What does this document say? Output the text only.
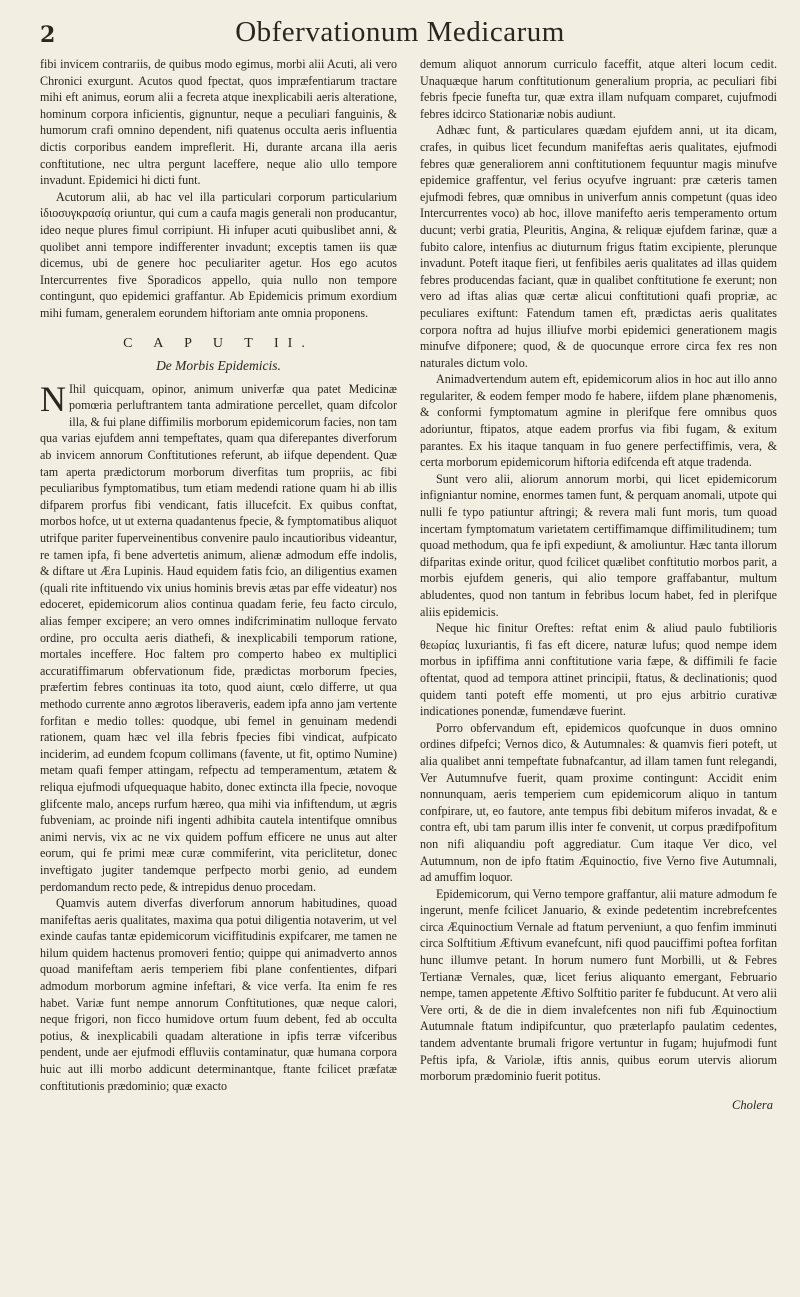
2	Obfervationum Medicarum

fibi invicem contrariis, de quibus modo egimus, morbi alii Acuti, ali vero Chronici exurgunt. Acutos quod fpectat, quos impræfentiarum tractare mihi eft animus, eorum alii a fecreta atque inexplicabili aeris alteratione, hominum corpora inficientis, gignuntur, neque a peculiari fanguinis, & humorum crafi omnino dependent, nifi quatenus occulta aeris influentia dictis corporibus eandem impreflerit. Hi, durante arcana illa aeris conftitutione, nec ultra pergunt laceffere, neque alio ullo tempore invadunt. Epidemici hi dicti funt.

Acutorum alii, ab hac vel illa particulari corporum particularium ἰδιοσυγκρασίᾳ oriuntur, qui cum a caufa magis generali non producantur, ideo neque plures fimul corripiunt. Hi infuper acuti quibuslibet anni, & quolibet anni tempore indifferenter invadunt; exceptis tamen iis quæ dicemus, ubi de genere hoc peculiariter agetur. Hos ego acutos Intercurrentes five Sporadicos appello, quia nullo non tempore contingunt, quo epidemici graffantur. Ab Epidemicis primum exordium mihi fumam, generalem eorundem hiftoriam ante omnia proponens.

C A P U T II.
De Morbis Epidemicis.

N Ihil quicquam, opinor, animum univerfæ qua patet Medicinæ pomœria perluftrantem tanta admiratione percellet, quam difcolor illa, & fui plane diffimilis morborum epidemicorum facies, non tam qua varias ejufdem anni tempeftates, quam qua diferepantes diverforum ab invicem annorum Conftitutiones referunt, ab iifque dependent. Quæ tam aperta prædictorum morborum diverfitas tum propriis, ac fibi peculiaribus fymptomatibus, tum etiam medendi ratione quam hi ab illis difparem prorfus fibi vendicant, fatis illucefcit. Ex quibus conftat, morbos hofce, ut ut externa quadantenus fpecie, & fymptomatibus aliquot utrifque pariter fuperveinentibus convenire paulo incautioribus videantur, re tamen ipfa, fi bene advertetis animum, alienæ admodum effe indolis, & diftare ut Æra Lupinis. Haud equidem fatis fcio, an diligentius examen (quali rite inftituendo vix unius hominis brevis ætas par effe videatur) nos edoceret, epidemicorum alios continua quadam ferie, feu facto circulo, alias femper excipere; an vero omnes indifcriminatim nulloque fervato ordine, pro occulta aeris diathefi, & inexplicabili temporum ratione, mortales inceffere. Hoc faltem pro comperto habeo ex multiplici accuratiffimarum obfervationum fide, prædictas morborum fpecies, præfertim febres continuas ita toto, quod aiunt, cœlo differre, ut qua methodo currente anno ægrotos liberaveris, eadem ipfa anno jam vertente forfitan e medio tolles: quodque, ubi femel in genuinam medendi rationem, quam hæc vel illa febris fpecies fibi vindicat, aufpicato inciderim, ad eundem fcopum collimans (favente, ut fit, optimo Numine) metam quafi femper attingam, refpectu ad temperamentum, ætatem & reliqua ejufmodi ufquequaque habito, donec extincta illa fpecie, novoque glifcente malo, anceps rurfum hæreo, qua mihi via infiftendum, ut ægris fubveniam, ac proinde nifi ingenti adhibita cautela intentifque omnibus animi nervis, vix ac ne vix quidem poffum efficere ne unus aut alter eorum, qui fe primi meæ curæ commiferint, vita periclitetur, donec inveftigato jugiter tandemque perfpecto morbi genio, ad eundem perdomandum recto pede, & intrepidus denuo procedam.

Quamvis autem diverfas diverforum annorum habitudines, quoad manifeftas aeris qualitates, maxima qua potui diligentia notaverim, ut vel exinde caufas tantæ epidemicorum viciffitudinis expifcarer, me tamen ne hilum quidem hactenus promoveri fentio; quippe qui animadverto annos quoad manifeftam aeris temperiem fibi plane confentientes, difpari admodum morborum agmine infeftari, & vice verfa. Ita enim fe res habet. Variæ funt nempe annorum Conftitutiones, quæ neque calori, neque frigori, non ficco humidove ortum fuum debent, fed ab occulta potius, & inexplicabili quadam alteratione in ipfis terræ vifceribus pendent, unde aer ejufmodi effluviis contaminatur, quæ humana corpora huic aut illi morbo addicunt determinantque, ftante fcilicet præfatæ conftitutionis prædominio; quæ exacto

demum aliquot annorum curriculo faceffit, atque alteri locum cedit. Unaquæque harum conftitutionum generalium propria, ac peculiari fibi febris fpecie funefta tur, quæ extra illam nufquam comparet, cujufmodi febres idcirco Stationariæ nobis audiunt.

Adhæc funt, & particulares quædam ejufdem anni, ut ita dicam, crafes, in quibus licet fecundum manifeftas aeris qualitates, ejufmodi febres quæ generaliorem anni conftitutionem fequuntur magis minufve epidemice graffentur, vel ferius ocyufve ingruant: præ cæteris tamen ejufmodi febres, quæ omnibus in univerfum annis competunt (quas ideo Intercurrentes voco) ab hoc, illove manifefto aeris temperamento ortum ducunt; verbi gratia, Pleuritis, Angina, & reliquæ ejufdem farinæ, quæ a fubito calore, intenfius ac diuturnum frigus ftatim excipiente, plerunque invadunt. Poteft itaque fieri, ut fenfibiles aeris qualitates ad illas quidem febres producendas faciant, quæ in qualibet conftitutione fe exerunt; non vero ad iftas alias quæ certæ alicui conftitutioni quafi propriæ, ac peculiares exiftunt: Fatendum tamen eft, prædictas aeris qualitates corpora noftra ad hujus illiufve morbi epidemici generationem magis minufve difponere; quod, & de quocunque errore circa fex res non naturales dictum volo.

Animadvertendum autem eft, epidemicorum alios in hoc aut illo anno regulariter, & eodem femper modo fe habere, iifdem plane phænomenis, & conformi fymptomatum agmine in plerifque fere omnibus quos adoriuntur, ftipatos, atque eadem prorfus via fibi fugam, & exitum parantes. Ex his itaque tanquam in fuo genere perfectiffimis, vera, & certa morborum epidemicorum hiftoria edifcenda eft atque tradenda.

Sunt vero alii, aliorum annorum morbi, qui licet epidemicorum infigniantur nomine, enormes tamen funt, & perquam anomali, utpote qui nulli fe typo patiuntur aftringi; & revera mali funt moris, tum quoad incertam fymptomatum varietatem certiffimamque diffimilitudinem; tum quoad methodum, qua fe ipfi expediunt, & amoliuntur. Hæc tanta illorum difparitas exinde oritur, quod fcilicet quælibet conftitutio morbos parit, a morbis ejufdem generis, qui alio tempore graffabantur, multum abludentes, quod non tantum in febribus locum habet, fed in plerifque aliis epidemicis.

Neque hic finitur Oreftes: reftat enim & aliud paulo fubtilioris θεωρίας luxuriantis, fi fas eft dicere, naturæ lufus; quod nempe idem morbus in ipfiffima anni conftitutione varia fæpe, & diffimili fe facie oftentat, quod ad tempora attinet principii, ftatus, & declinationis; quod quidem tanti poteft effe momenti, ut pro ejus arbitrio curativæ indicationes ponendæ, fumendæve fuerint.

Porro obfervandum eft, epidemicos quofcunque in duos omnino ordines difpefci; Vernos dico, & Autumnales: & quamvis fieri poteft, ut alia qualibet anni tempeftate fubnafcantur, ad illam tamen funt relegandi, Ver Autumnufve fuerit, quam proxime contingunt: Accidit enim nonnunquam, aeris temperiem cum epidemicorum aliquo in tantum confpirare, ut, eo fautore, ante tempus fibi debitum miferos invadat, & e contra eft, ubi tam parum illis inter fe convenit, ut corpus prædifpofitum non nifi aliquandiu poft aggrediatur. Cum itaque Ver dico, vel Autumnum, non de ipfo ftatim Æquinoctio, five Verno five Autumnali, ad amuffim loquor.

Epidemicorum, qui Verno tempore graffantur, alii mature admodum fe ingerunt, menfe fcilicet Januario, & exinde pedetentim increbrefcentes circa Æquinoctium Vernale ad ftatum perveniunt, a quo fenfim imminuti circa Solftitium Æftivum evanefcunt, nifi quod pauciffimi poftea forfitan hunc illumve petant. In horum numero funt Morbilli, ut & Febres Tertianæ Vernales, quæ, licet ferius aliquanto emergant, Februario nempe, tamen appetente Æftivo Solftitio pariter fe fubducunt. At vero alii Vere orti, & de die in diem invalefcentes non nifi fub Æquinoctium Autumnale ftatum indipifcuntur, quo præterlapfo paulatim cedentes, tandem adventante brumali frigore vertuntur in fugam; hujufmodi funt Peftis ipfa, & Variolæ, iftis annis, quibus eorum utervis aliorum morborum prædominio fuerit potitus.

Cholera
